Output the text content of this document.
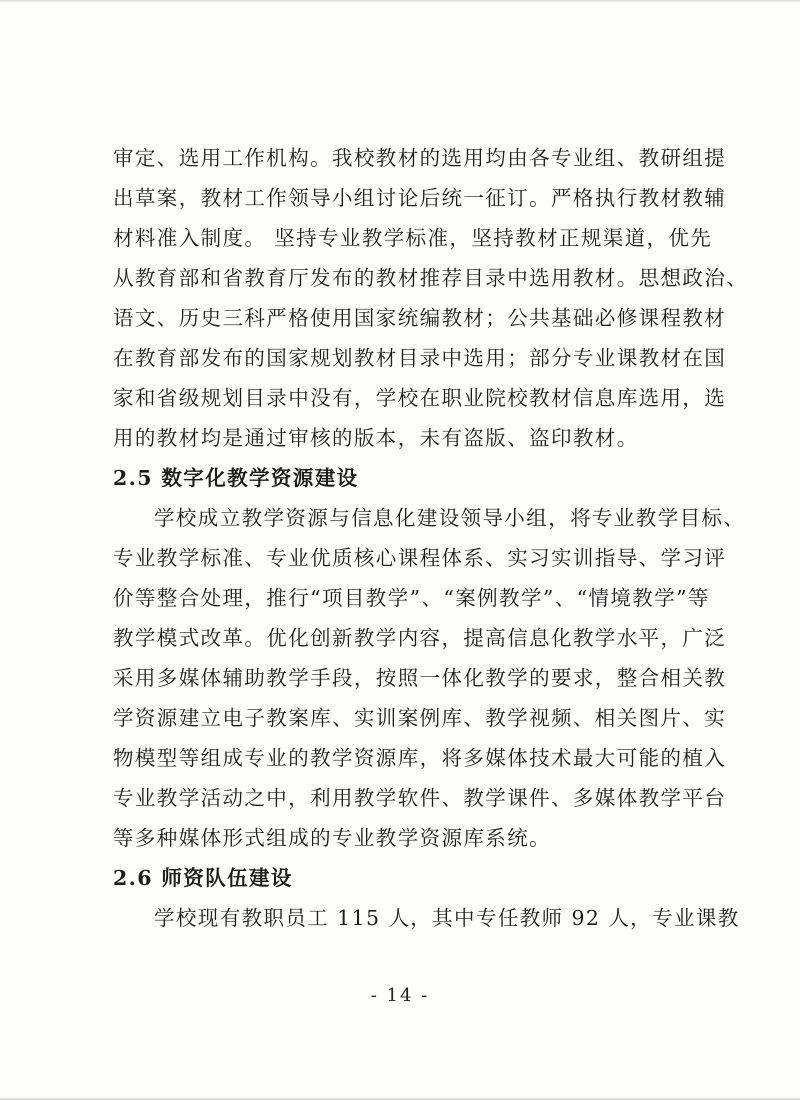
审定、选用工作机构。我校教材的选用均由各专业组、教研组提
出草案，教材工作领导小组讨论后统一征订。严格执行教材教辅
材料准入制度。 坚持专业教学标准，坚持教材正规渠道，优先
从教育部和省教育厅发布的教材推荐目录中选用教材。思想政治、
语文、历史三科严格使用国家统编教材；公共基础必修课程教材
在教育部发布的国家规划教材目录中选用；部分专业课教材在国
家和省级规划目录中没有，学校在职业院校教材信息库选用，选
用的教材均是通过审核的版本，未有盗版、盗印教材。
2.5 数字化教学资源建设
学校成立教学资源与信息化建设领导小组，将专业教学目标、
专业教学标准、专业优质核心课程体系、实习实训指导、学习评
价等整合处理，推行“项目教学”、“案例教学”、“情境教学”等
教学模式改革。优化创新教学内容，提高信息化教学水平，广泛
采用多媒体辅助教学手段，按照一体化教学的要求，整合相关教
学资源建立电子教案库、实训案例库、教学视频、相关图片、实
物模型等组成专业的教学资源库，将多媒体技术最大可能的植入
专业教学活动之中，利用教学软件、教学课件、多媒体教学平台
等多种媒体形式组成的专业教学资源库系统。
2.6 师资队伍建设
学校现有教职员工 115 人，其中专任教师 92 人，专业课教
- 14 -
